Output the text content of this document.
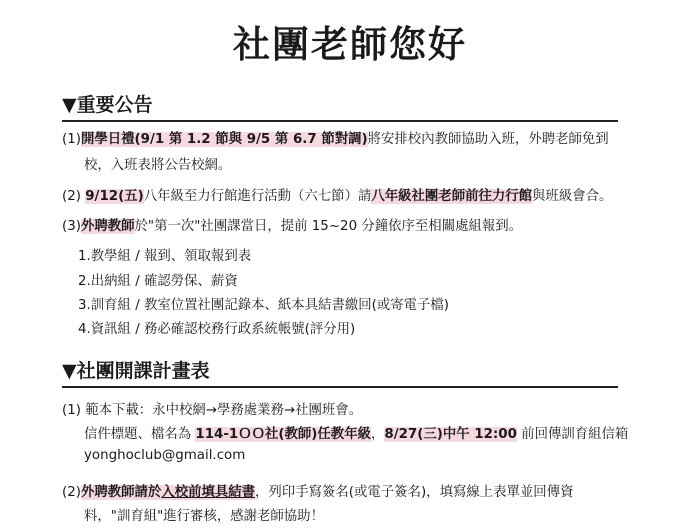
社團老師您好
▼重要公告
(1)開學日禮(9/1 第 1.2 節與 9/5 第 6.7 節對調)將安排校內教師協助入班，外聘老師免到
校，入班表將公告校網。
(2) 9/12(五)八年級至力行館進行活動（六七節）請八年級社團老師前往力行館與班級會合。
(3)外聘教師於"第一次"社團課當日，提前 15~20 分鐘依序至相關處組報到。
1.教學組 / 報到、領取報到表
2.出納組 / 確認勞保、薪資
3.訓育組 / 教室位置社團記錄本、紙本具結書繳回(或寄電子檔)
4.資訊組 / 務必確認校務行政系統帳號(評分用)
▼社團開課計畫表
(1) 範本下載：永中校網→學務處業務→社團班會。
信件標題、檔名為 114-1ＯＯ社(教師)任教年級，8/27(三)中午 12:00 前回傳訓育組信箱
yonghoclub@gmail.com
(2)外聘教師請於入校前填具結書，列印手寫簽名(或電子簽名)，填寫線上表單並回傳資
料，"訓育組"進行審核，感謝老師協助！
